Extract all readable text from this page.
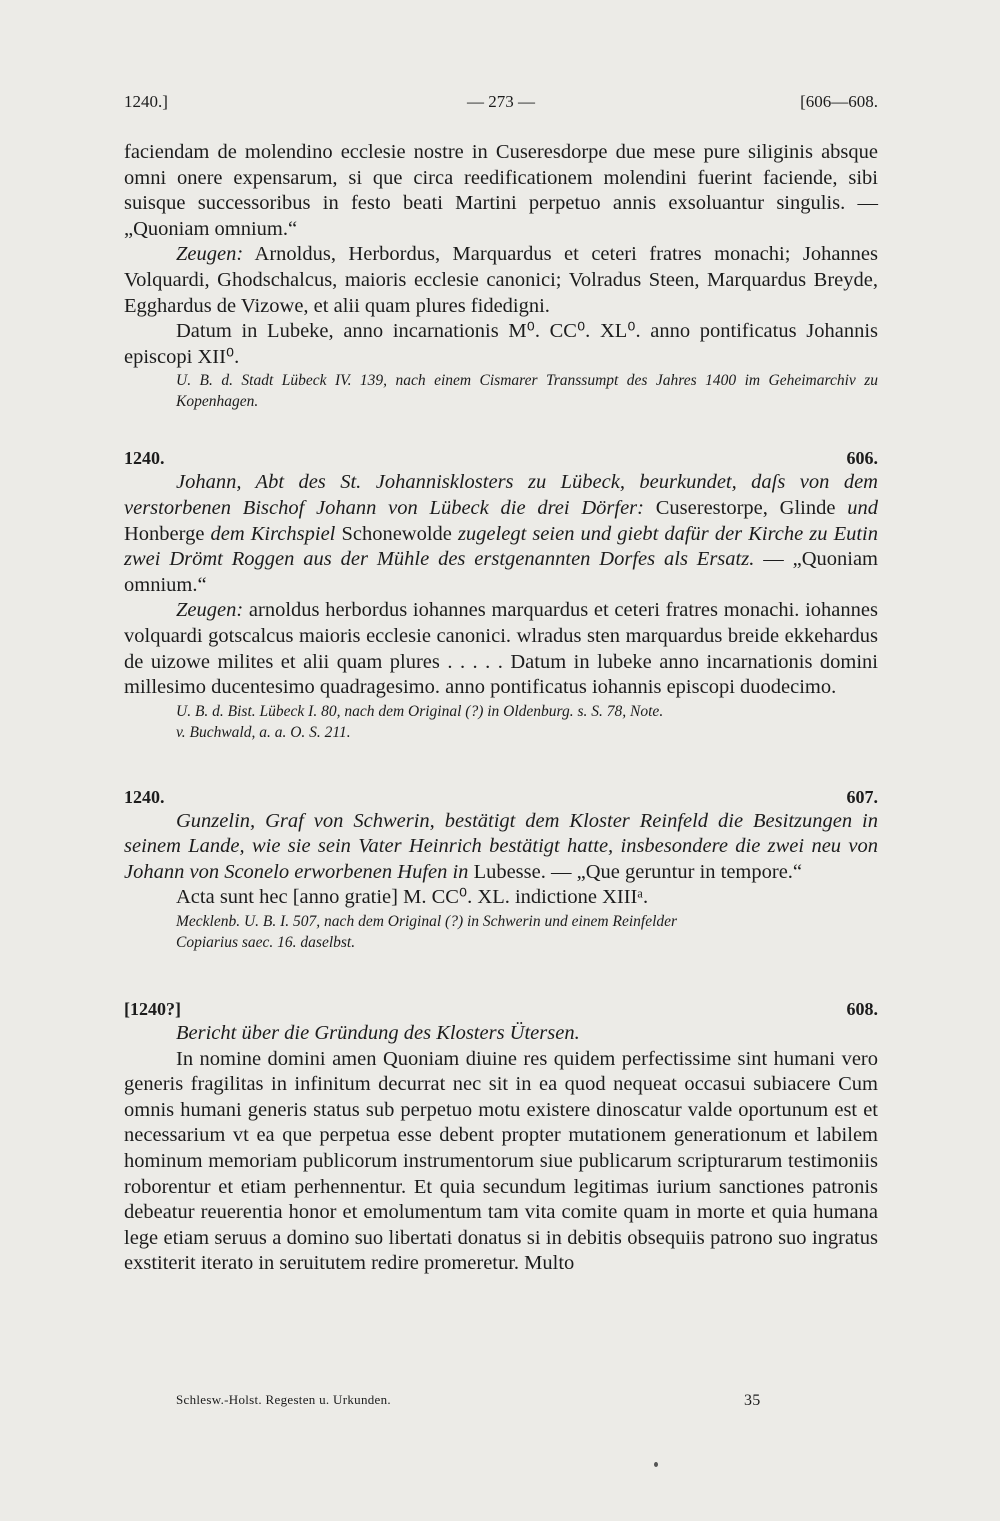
1240.]	— 273 —	[606—608.

faciendam de molendino ecclesie nostre in Cuseresdorpe due mese pure siliginis absque omni onere expensarum, si que circa reedificationem molendini fuerint faciende, sibi suisque successoribus in festo beati Martini perpetuo annis exsoluantur singulis. — „Quoniam omnium.“

Zeugen: Arnoldus, Herbordus, Marquardus et ceteri fratres monachi; Johannes Volquardi, Ghodschalcus, maioris ecclesie canonici; Volradus Steen, Marquardus Breyde, Egghardus de Vizowe, et alii quam plures fidedigni.

Datum in Lubeke, anno incarnationis M⁰. CC⁰. XL⁰. anno pontificatus Johannis episcopi XII⁰.

U. B. d. Stadt Lübeck IV. 139, nach einem Cismarer Transsumpt des Jahres 1400 im Geheimarchiv zu Kopenhagen.

1240.	606.

Johann, Abt des St. Johannisklosters zu Lübeck, beurkundet, daſs von dem verstorbenen Bischof Johann von Lübeck die drei Dörfer: Cuserestorpe, Glinde und Honberge dem Kirchspiel Schonewolde zugelegt seien und giebt dafür der Kirche zu Eutin zwei Drömt Roggen aus der Mühle des erstgenannten Dorfes als Ersatz. — „Quoniam omnium.“

Zeugen: arnoldus herbordus iohannes marquardus et ceteri fratres monachi. iohannes volquardi gotscalcus maioris ecclesie canonici. wlradus sten marquardus breide ekkehardus de uizowe milites et alii quam plures . . . . . Datum in lubeke anno incarnationis domini millesimo ducentesimo quadragesimo. anno pontificatus iohannis episcopi duodecimo.

U. B. d. Bist. Lübeck I. 80, nach dem Original (?) in Oldenburg. s. S. 78, Note.
v. Buchwald, a. a. O. S. 211.

1240.	607.

Gunzelin, Graf von Schwerin, bestätigt dem Kloster Reinfeld die Besitzungen in seinem Lande, wie sie sein Vater Heinrich bestätigt hatte, insbesondere die zwei neu von Johann von Sconelo erworbenen Hufen in Lubesse. — „Que geruntur in tempore.“

Acta sunt hec [anno gratie] M. CC⁰. XL. indictione XIIIᵃ.

Mecklenb. U. B. I. 507, nach dem Original (?) in Schwerin und einem Reinfelder
Copiarius saec. 16. daselbst.

[1240?]	608.

Bericht über die Gründung des Klosters Ütersen.

In nomine domini amen Quoniam diuine res quidem perfectissime sint humani vero generis fragilitas in infinitum decurrat nec sit in ea quod nequeat occasui subiacere Cum omnis humani generis status sub perpetuo motu existere dinoscatur valde oportunum est et necessarium vt ea que perpetua esse debent propter mutationem generationum et labilem hominum memoriam publicorum instrumentorum siue publicarum scripturarum testimoniis roborentur et etiam perhennentur. Et quia secundum legitimas iurium sanctiones patronis debeatur reuerentia honor et emolumentum tam vita comite quam in morte et quia humana lege etiam seruus a domino suo libertati donatus si in debitis obsequiis patrono suo ingratus exstiterit iterato in seruitutem redire promeretur. Multo

Schlesw.-Holst. Regesten u. Urkunden.	35
